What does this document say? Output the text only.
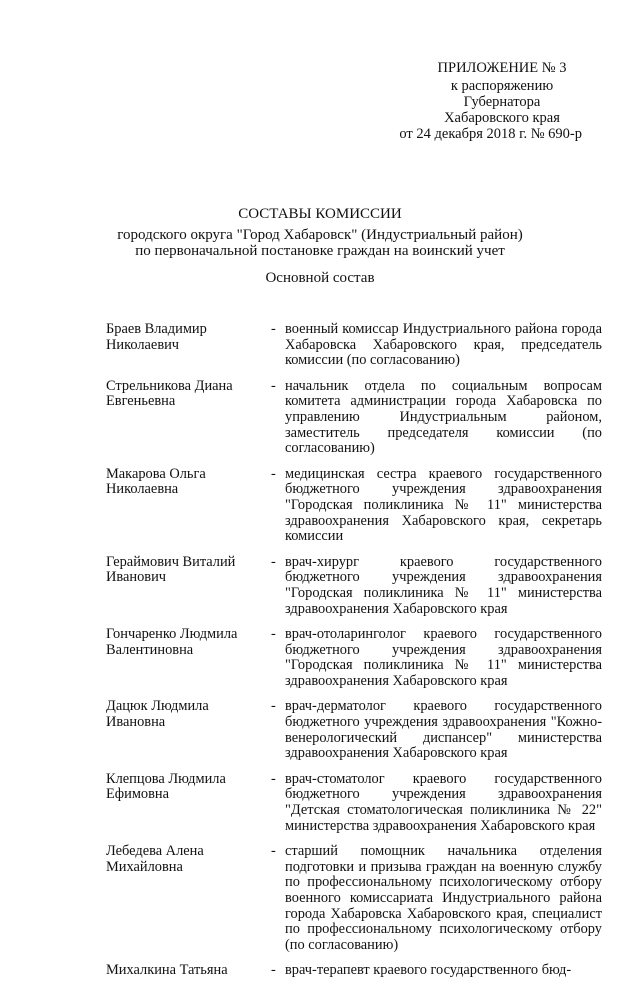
ПРИЛОЖЕНИЕ № 3
к распоряжению
Губернатора
Хабаровского края
от 24 декабря 2018 г. № 690-р
СОСТАВЫ КОМИССИИ
городского округа "Город Хабаровск" (Индустриальный район)
по первоначальной постановке граждан на воинский учет
Основной состав
Браев Владимир
Николаевич
- военный комиссар Индустриального района города Хабаровска Хабаровского края, председатель комиссии (по согласованию)
Стрельникова Диана
Евгеньевна
- начальник отдела по социальным вопросам комитета администрации города Хабаровска по управлению Индустриальным районом, заместитель председателя комиссии (по согласованию)
Макарова Ольга
Николаевна
- медицинская сестра краевого государственного бюджетного учреждения здравоохранения "Городская поликлиника № 11" министерства здравоохранения Хабаровского края, секретарь комиссии
Гераймович Виталий
Иванович
- врач-хирург краевого государственного бюджетного учреждения здравоохранения "Городская поликлиника № 11" министерства здравоохранения Хабаровского края
Гончаренко Людмила
Валентиновна
- врач-отоларинголог краевого государственного бюджетного учреждения здравоохранения "Городская поликлиника № 11" министерства здравоохранения Хабаровского края
Дацюк Людмила
Ивановна
- врач-дерматолог краевого государственного бюджетного учреждения здравоохранения "Кожно-венерологический диспансер" министерства здравоохранения Хабаровского края
Клепцова Людмила
Ефимовна
- врач-стоматолог краевого государственного бюджетного учреждения здравоохранения "Детская стоматологическая поликлиника № 22" министерства здравоохранения Хабаровского края
Лебедева Алена
Михайловна
- старший помощник начальника отделения подготовки и призыва граждан на военную службу по профессиональному психологическому отбору военного комиссариата Индустриального района города Хабаровска Хабаровского края, специалист по профессиональному психологическому отбору (по согласованию)
Михалкина Татьяна	- врач-терапевт краевого государственного бюд-
